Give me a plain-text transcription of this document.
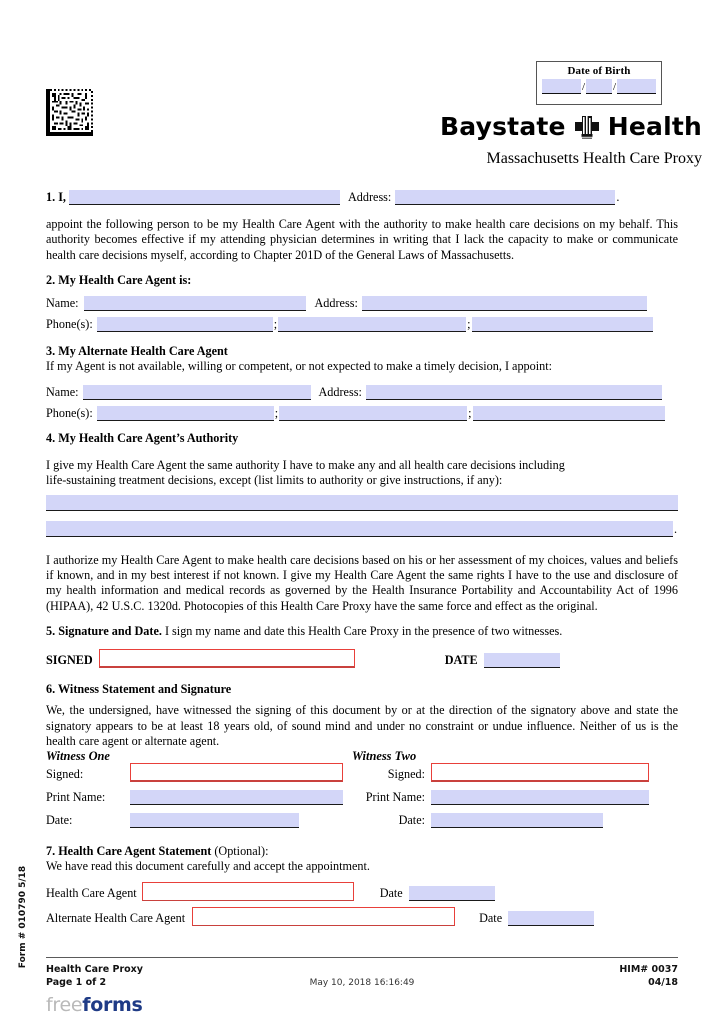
Date of Birth
/	/
Baystate Health
Massachusetts Health Care Proxy
1. I,	Address:	.

appoint the following person to be my Health Care Agent with the authority to make health care decisions on my behalf. This authority becomes effective if my attending physician determines in writing that I lack the capacity to make or communicate health care decisions myself, according to Chapter 201D of the General Laws of Massachusetts.

2. My Health Care Agent is:
Name:	Address:
Phone(s):	;	;
3. My Alternate Health Care Agent
If my Agent is not available, willing or competent, or not expected to make a timely decision, I appoint:
Name:	Address:
Phone(s):	;	;
4. My Health Care Agent’s Authority
I give my Health Care Agent the same authority I have to make any and all health care decisions including
life-sustaining treatment decisions, except (list limits to authority or give instructions, if any):
.

I authorize my Health Care Agent to make health care decisions based on his or her assessment of my choices, values and beliefs if known, and in my best interest if not known. I give my Health Care Agent the same rights I have to the use and disclosure of my health information and medical records as governed by the Health Insurance Portability and Accountability Act of 1996 (HIPAA), 42 U.S.C. 1320d. Photocopies of this Health Care Proxy have the same force and effect as the original.

5. Signature and Date. I sign my name and date this Health Care Proxy in the presence of two witnesses.
SIGNED	DATE
6. Witness Statement and Signature

We, the undersigned, have witnessed the signing of this document by or at the direction of the signatory above and state the signatory appears to be at least 18 years old, of sound mind and under no constraint or undue influence. Neither of us is the health care agent or alternate agent.

Witness One	Witness Two
Signed:	Signed:
Print Name:	Print Name:
Date:	Date:
7. Health Care Agent Statement (Optional):
We have read this document carefully and accept the appointment.
Health Care Agent	Date
Alternate Health Care Agent	Date
Form # 010790 5/18
Health Care Proxy
Page 1 of 2	May 10, 2018 16:16:49
HIM# 0037
04/18
freeforms
